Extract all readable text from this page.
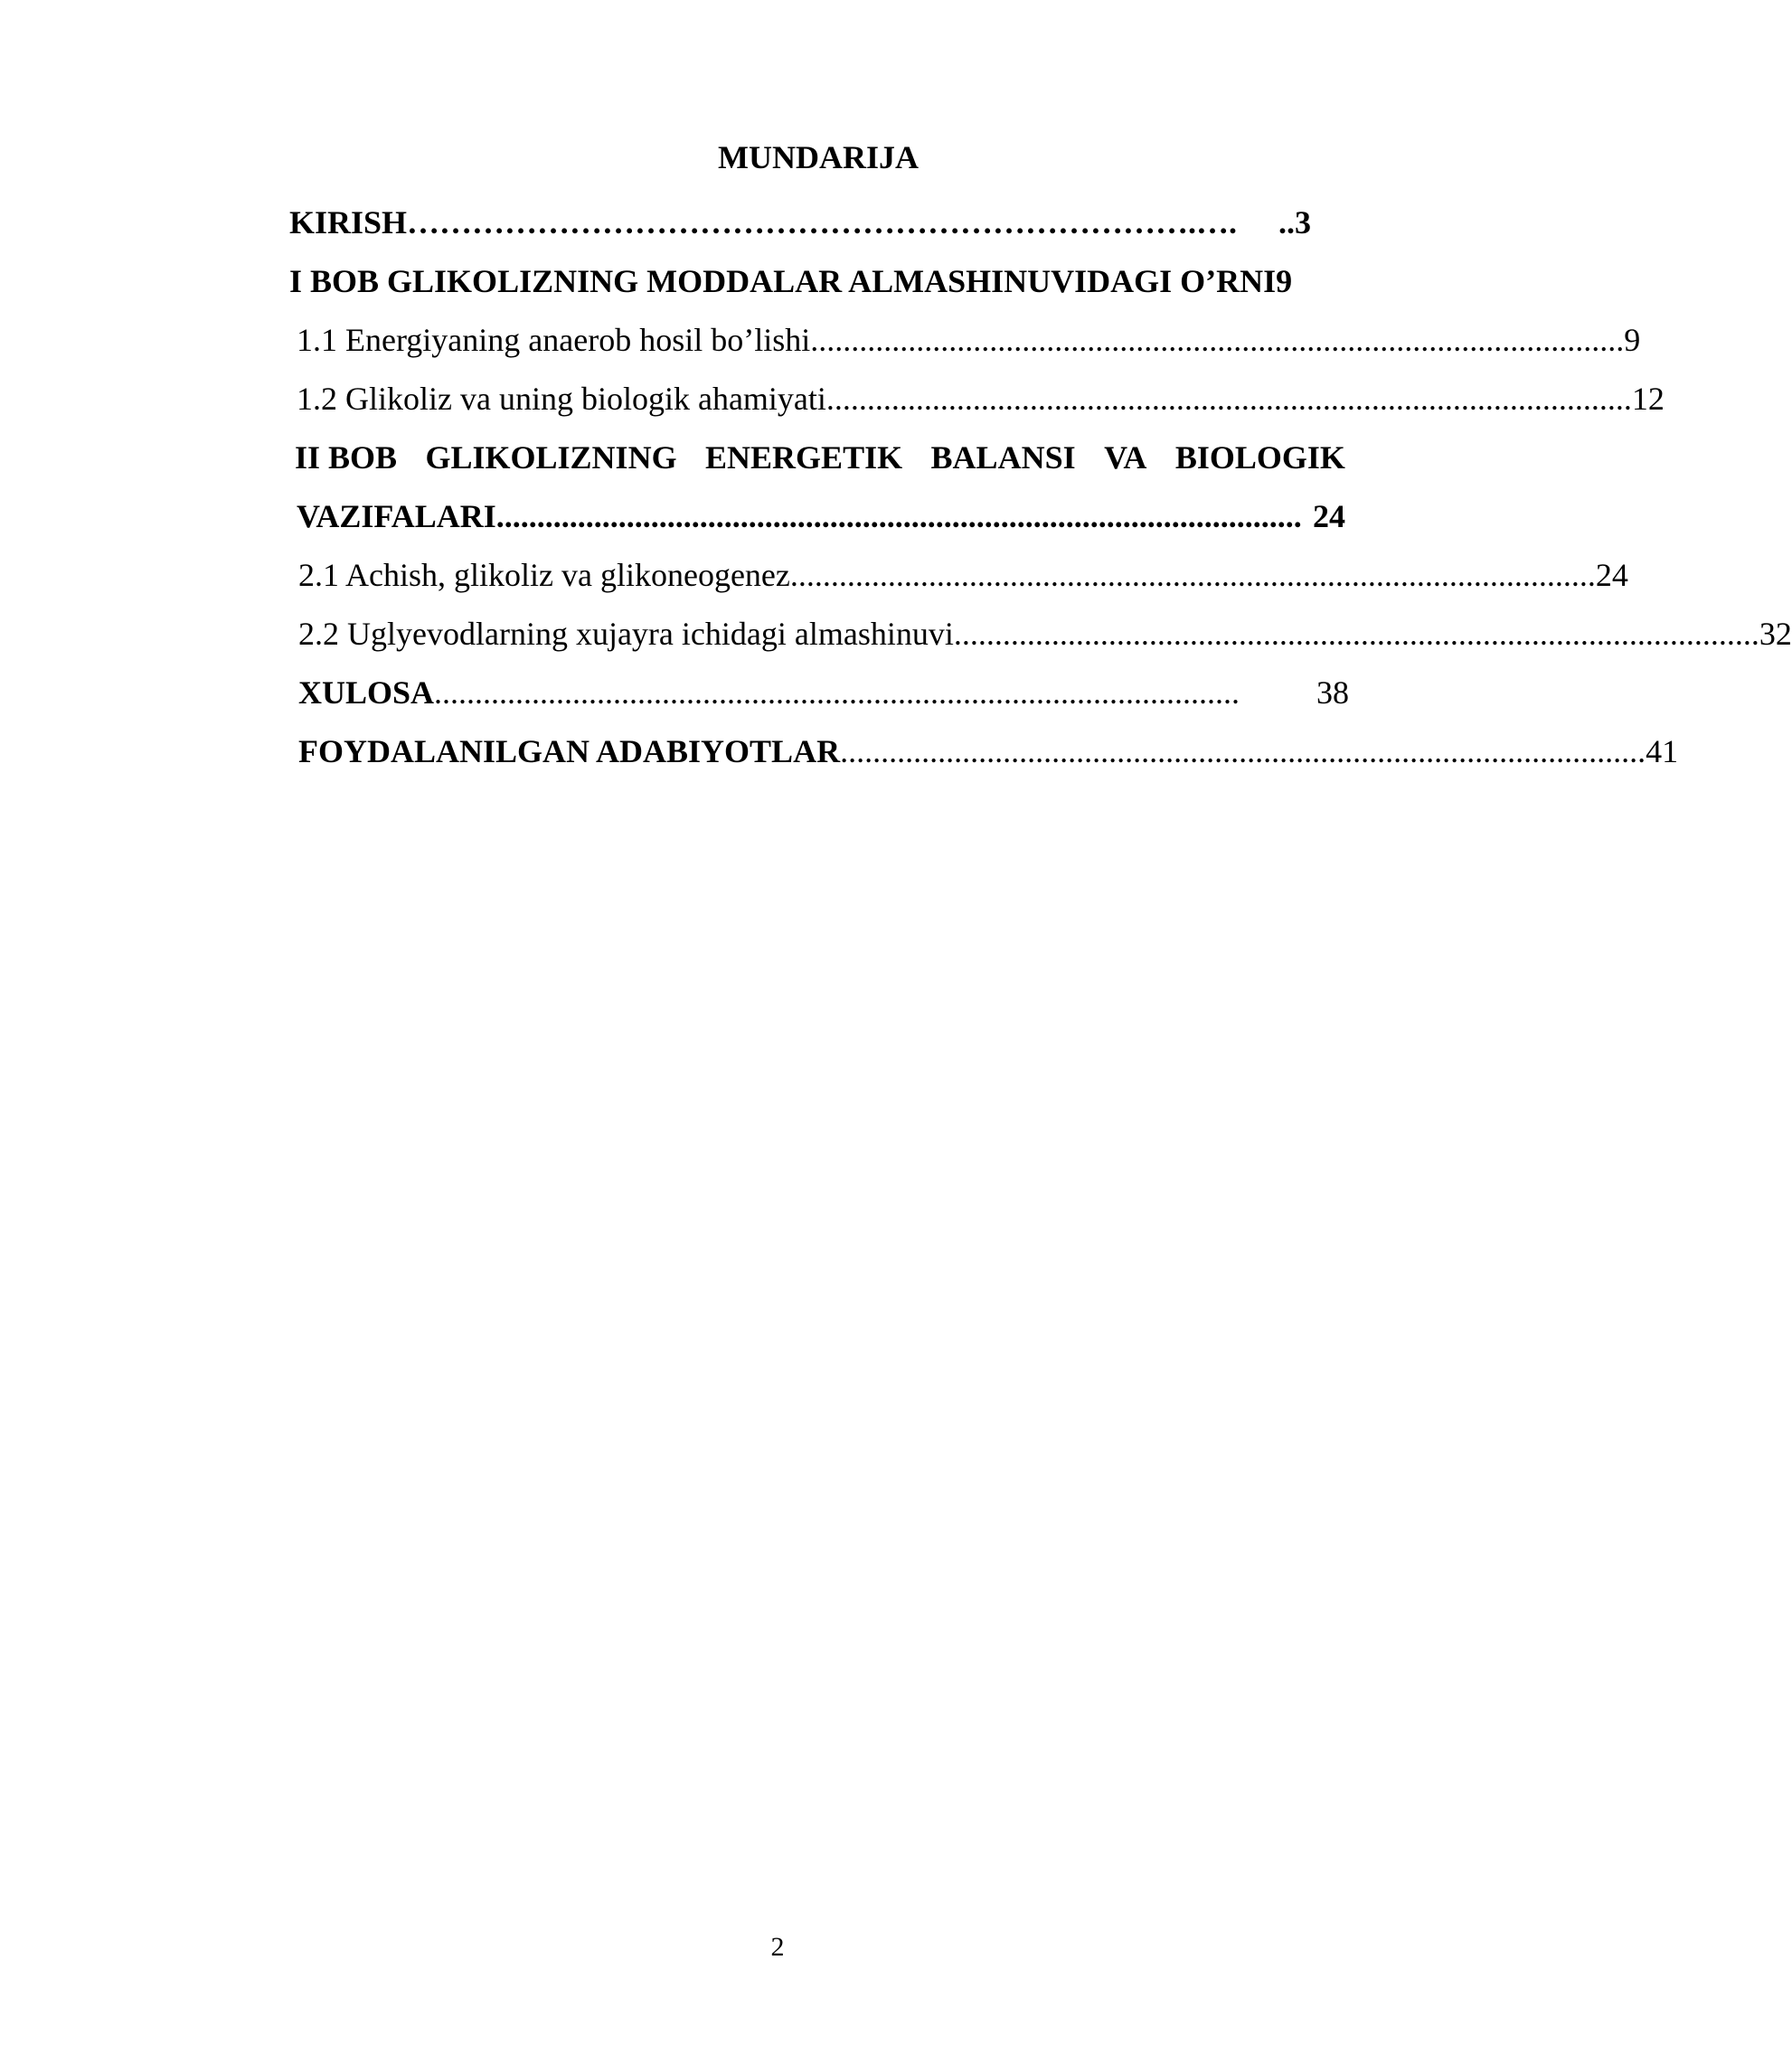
MUNDARIJA
KIRISH ……………………………………………………………….….	..3
I BOB GLIKOLIZNING MODDALAR ALMASHINUVIDAGI O’RNI9
1.1 Energiyaning anaerob hosil bo’lishi ................................................................................................... .9
1.2 Glikoliz va uning biologik ahamiyati ................................................................................................... 12
II BOB GLIKOLIZNING ENERGETIK BALANSI VA BIOLOGIK
VAZIFALARI ................................................................................................... 24
2.1 Achish, glikoliz va glikoneogenez ................................................................................................... 24
2.2 Uglyevodlarning xujayra ichidagi almashinuvi ................................................................................................... 32
XULOSA ...................................................................................................	38
FOYDALANILGAN ADABIYOTLAR ................................................................................................... 41
2
